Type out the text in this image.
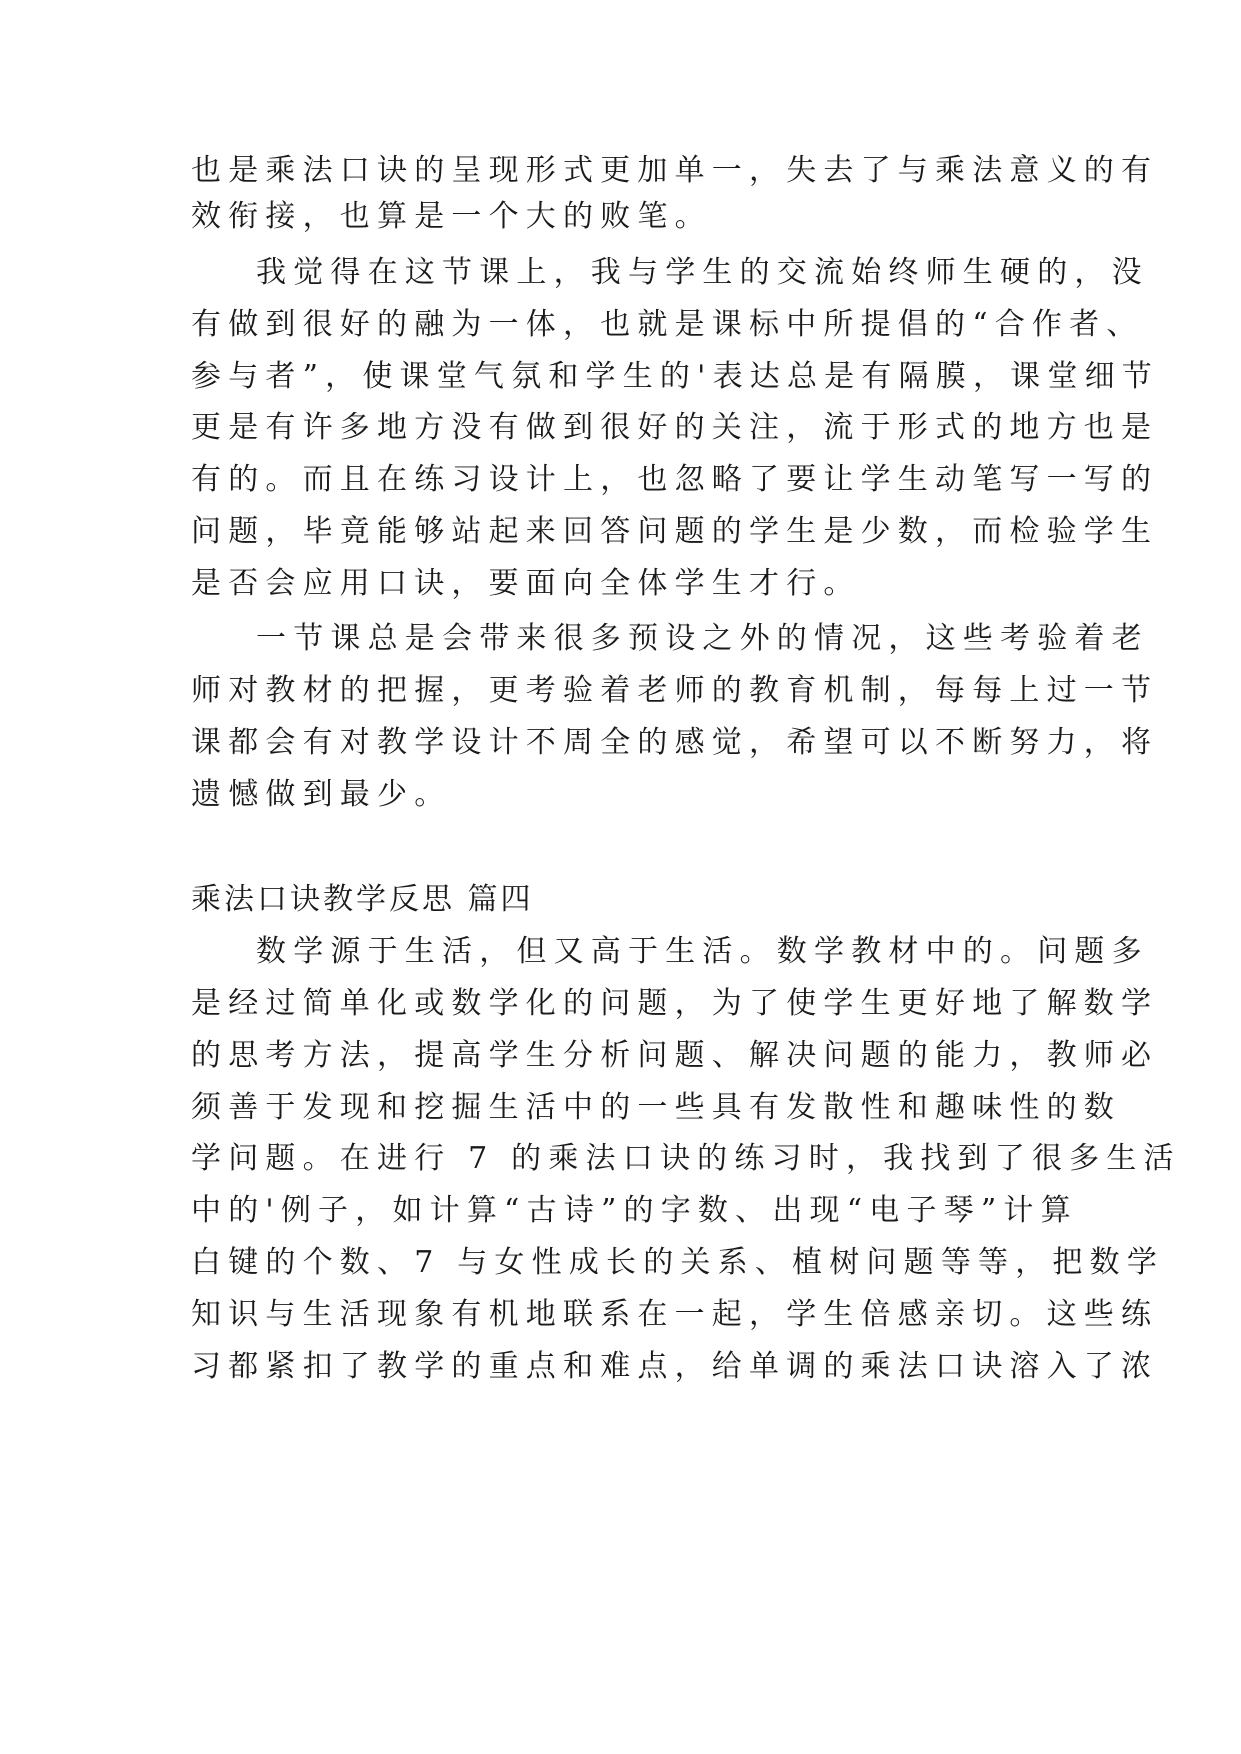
也是乘法口诀的呈现形式更加单一，失去了与乘法意义的有
效衔接，也算是一个大的败笔。
我觉得在这节课上，我与学生的交流始终师生硬的，没
有做到很好的融为一体，也就是课标中所提倡的“合作者、
参与者”，使课堂气氛和学生的'表达总是有隔膜，课堂细节
更是有许多地方没有做到很好的关注，流于形式的地方也是
有的。而且在练习设计上，也忽略了要让学生动笔写一写的
问题，毕竟能够站起来回答问题的学生是少数，而检验学生
是否会应用口诀，要面向全体学生才行。
一节课总是会带来很多预设之外的情况，这些考验着老
师对教材的把握，更考验着老师的教育机制，每每上过一节
课都会有对教学设计不周全的感觉，希望可以不断努力，将
遗憾做到最少。
乘法口诀教学反思 篇四
数学源于生活，但又高于生活。数学教材中的。问题多
是经过简单化或数学化的问题，为了使学生更好地了解数学
的思考方法，提高学生分析问题、解决问题的能力，教师必
须善于发现和挖掘生活中的一些具有发散性和趣味性的数
学问题。在进行 7 的乘法口诀的练习时，我找到了很多生活
中的'例子，如计算“古诗”的字数、出现“电子琴”计算
白键的个数、7 与女性成长的关系、植树问题等等，把数学
知识与生活现象有机地联系在一起，学生倍感亲切。这些练
习都紧扣了教学的重点和难点，给单调的乘法口诀溶入了浓
